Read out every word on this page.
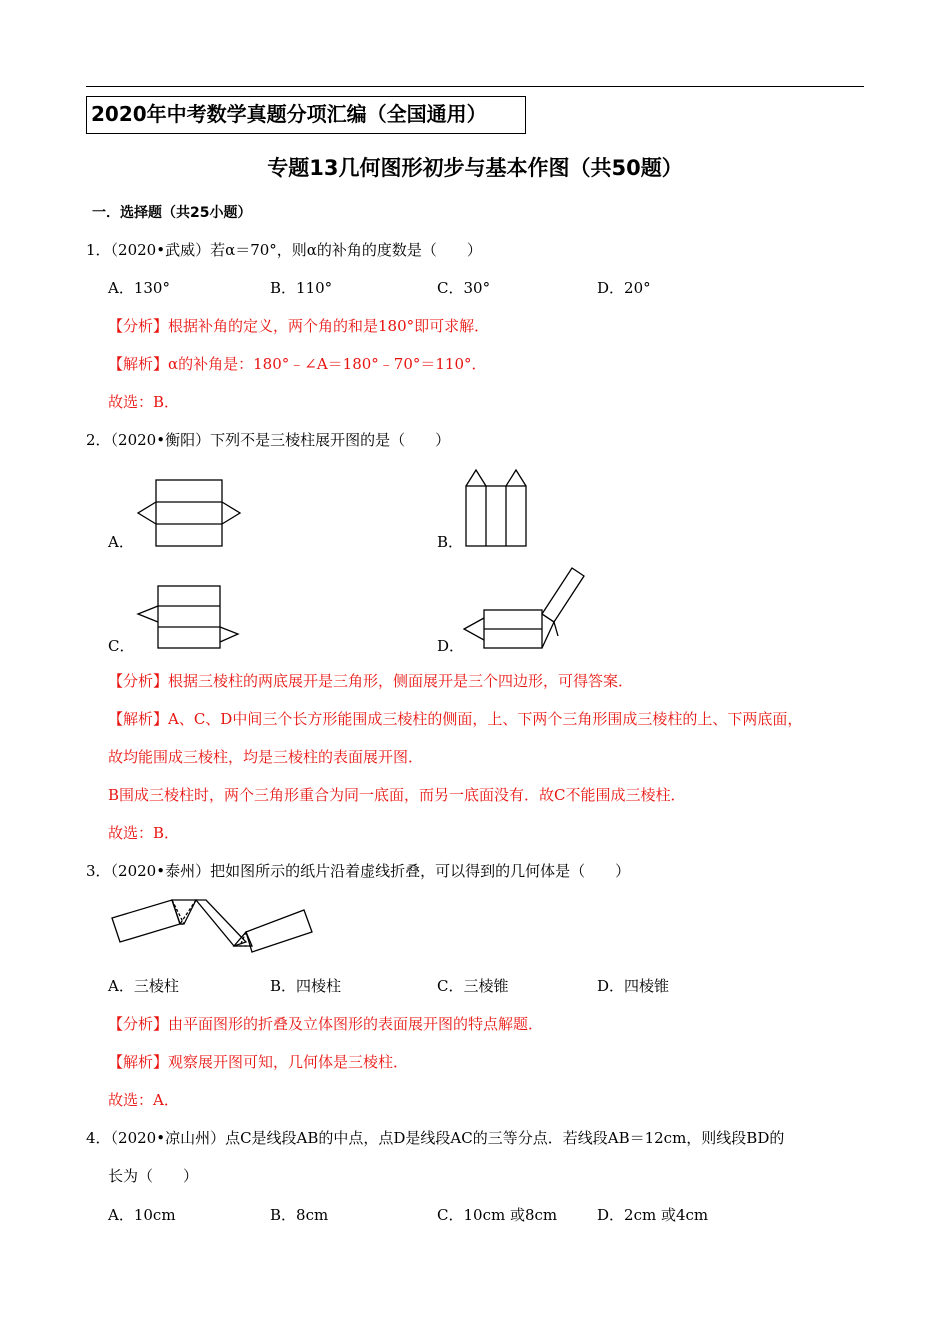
2020年中考数学真题分项汇编（全国通用）
专题13几何图形初步与基本作图（共50题）
一．选择题（共25小题）
1．（2020•武威）若α＝70°，则α的补角的度数是（　　）
A．130°	B．110°	C．30°	D．20°
【分析】根据补角的定义，两个角的和是180°即可求解．
【解析】α的补角是：180°﹣∠A＝180°﹣70°＝110°．
故选：B．
2．（2020•衡阳）下列不是三棱柱展开图的是（　　）
A．	B．
C．	D．
【分析】根据三棱柱的两底展开是三角形，侧面展开是三个四边形，可得答案．
【解析】A、C、D中间三个长方形能围成三棱柱的侧面，上、下两个三角形围成三棱柱的上、下两底面，
故均能围成三棱柱，均是三棱柱的表面展开图．
B围成三棱柱时，两个三角形重合为同一底面，而另一底面没有．故C不能围成三棱柱．
故选：B．
3．（2020•泰州）把如图所示的纸片沿着虚线折叠，可以得到的几何体是（　　）
A．三棱柱	B．四棱柱	C．三棱锥	D．四棱锥
【分析】由平面图形的折叠及立体图形的表面展开图的特点解题．
【解析】观察展开图可知，几何体是三棱柱．
故选：A．
4．（2020•凉山州）点C是线段AB的中点，点D是线段AC的三等分点．若线段AB＝12cm，则线段BD的
长为（　　）
A．10cm	B．8cm	C．10cm 或8cm	D．2cm 或4cm
